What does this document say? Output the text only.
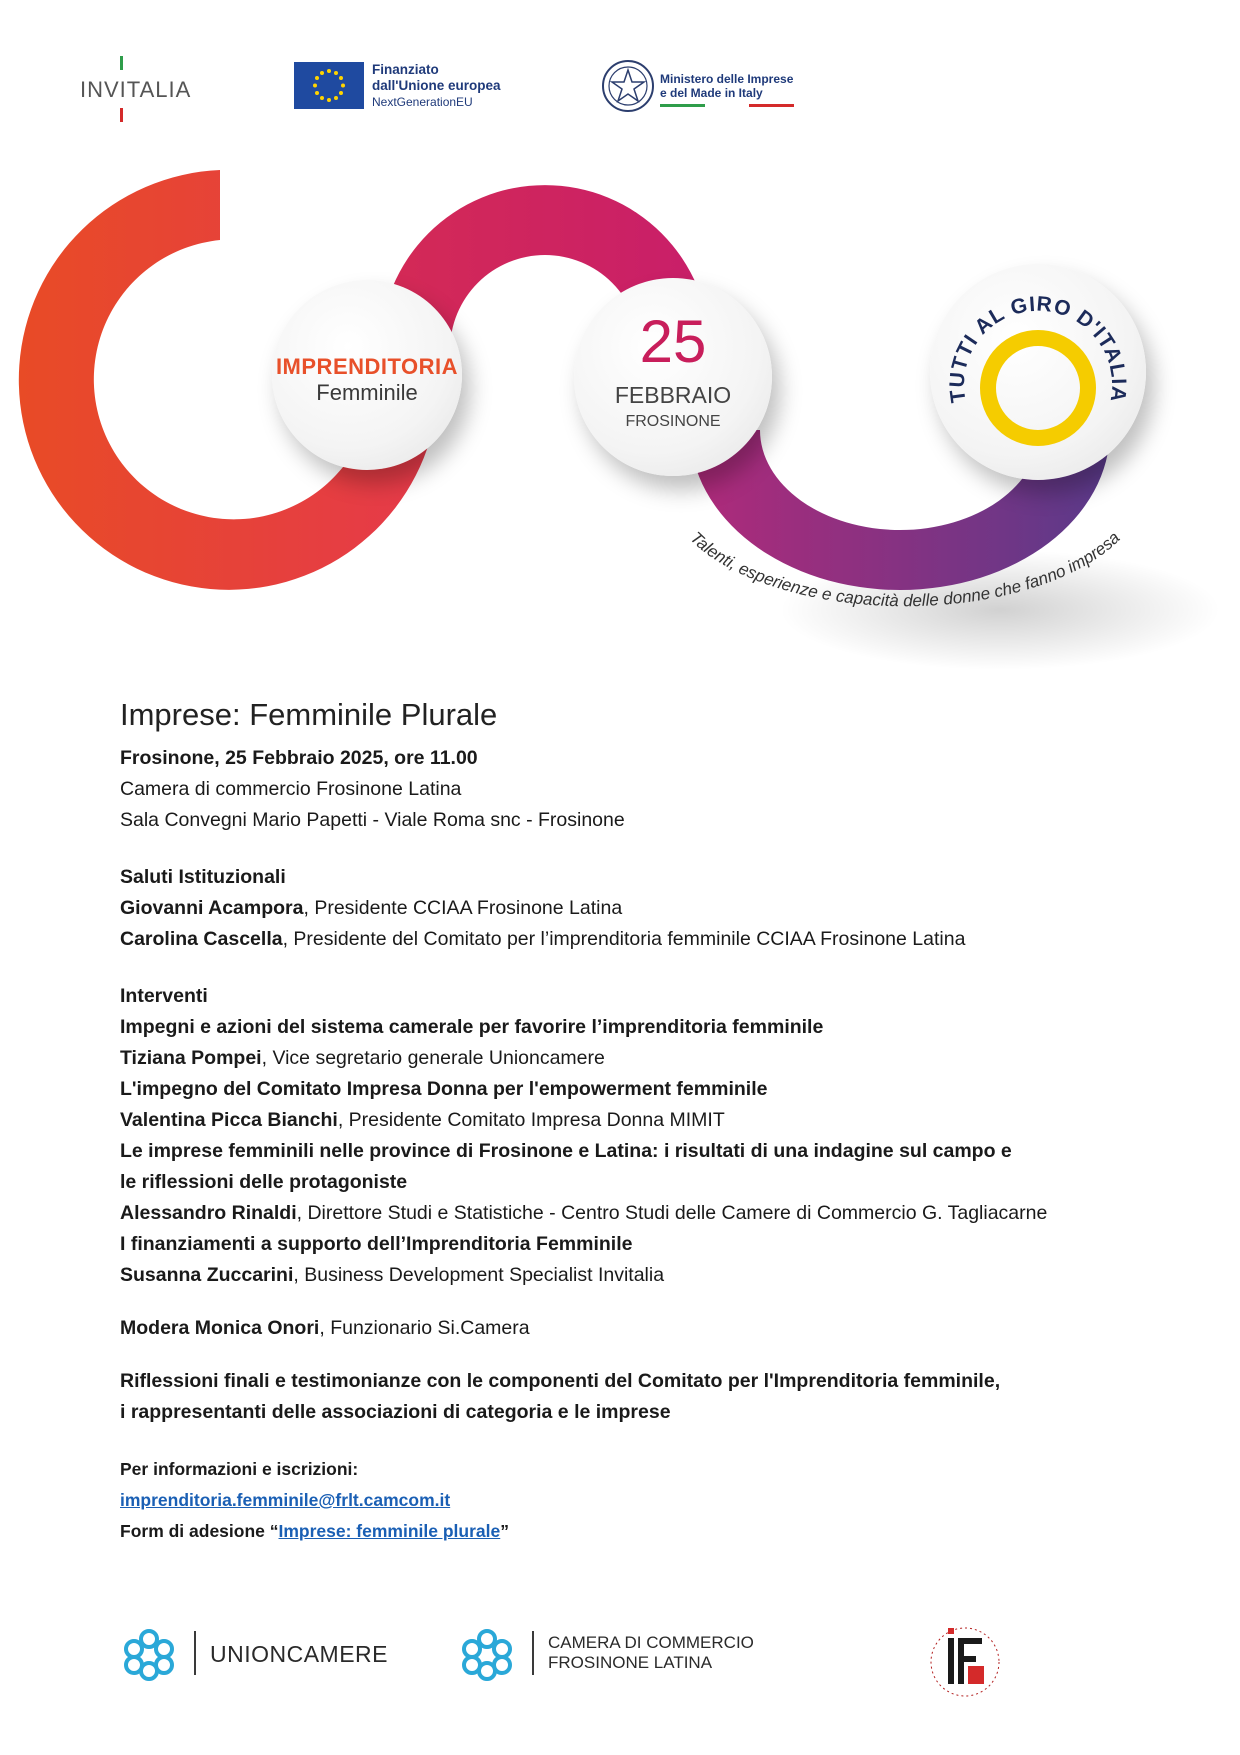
INVITALIA
Finanziato
dall'Unione europea
NextGenerationEU
Ministero delle Imprese
e del Made in Italy
IMPRENDITORIA
Femminile
25
FEBBRAIO
FROSINONE
TUTTI AL GIRO D'ITALIA
Talenti, esperienze e capacità delle donne che fanno impresa

Imprese: Femminile Plurale

Frosinone, 25 Febbraio 2025, ore 11.00

Camera di commercio Frosinone Latina

Sala Convegni Mario Papetti - Viale Roma snc - Frosinone

Saluti Istituzionali

Giovanni Acampora, Presidente CCIAA Frosinone Latina

Carolina Cascella, Presidente del Comitato per l’imprenditoria femminile CCIAA Frosinone Latina

Interventi

Impegni e azioni del sistema camerale per favorire l’imprenditoria femminile

Tiziana Pompei, Vice segretario generale Unioncamere

L'impegno del Comitato Impresa Donna per l'empowerment femminile

Valentina Picca Bianchi, Presidente Comitato Impresa Donna MIMIT

Le imprese femminili nelle province di Frosinone e Latina: i risultati di una indagine sul campo e

le riflessioni delle protagoniste

Alessandro Rinaldi, Direttore Studi e Statistiche - Centro Studi delle Camere di Commercio G. Tagliacarne

I finanziamenti a supporto dell’Imprenditoria Femminile

Susanna Zuccarini, Business Development Specialist Invitalia

Modera Monica Onori, Funzionario Si.Camera

Riflessioni finali e testimonianze con le componenti del Comitato per l'Imprenditoria femminile,

i rappresentanti delle associazioni di categoria e le imprese

Per informazioni e iscrizioni:

imprenditoria.femminile@frlt.camcom.it

Form di adesione “Imprese: femminile plurale”

UNIONCAMERE	CAMERA DI COMMERCIO
FROSINONE LATINA
